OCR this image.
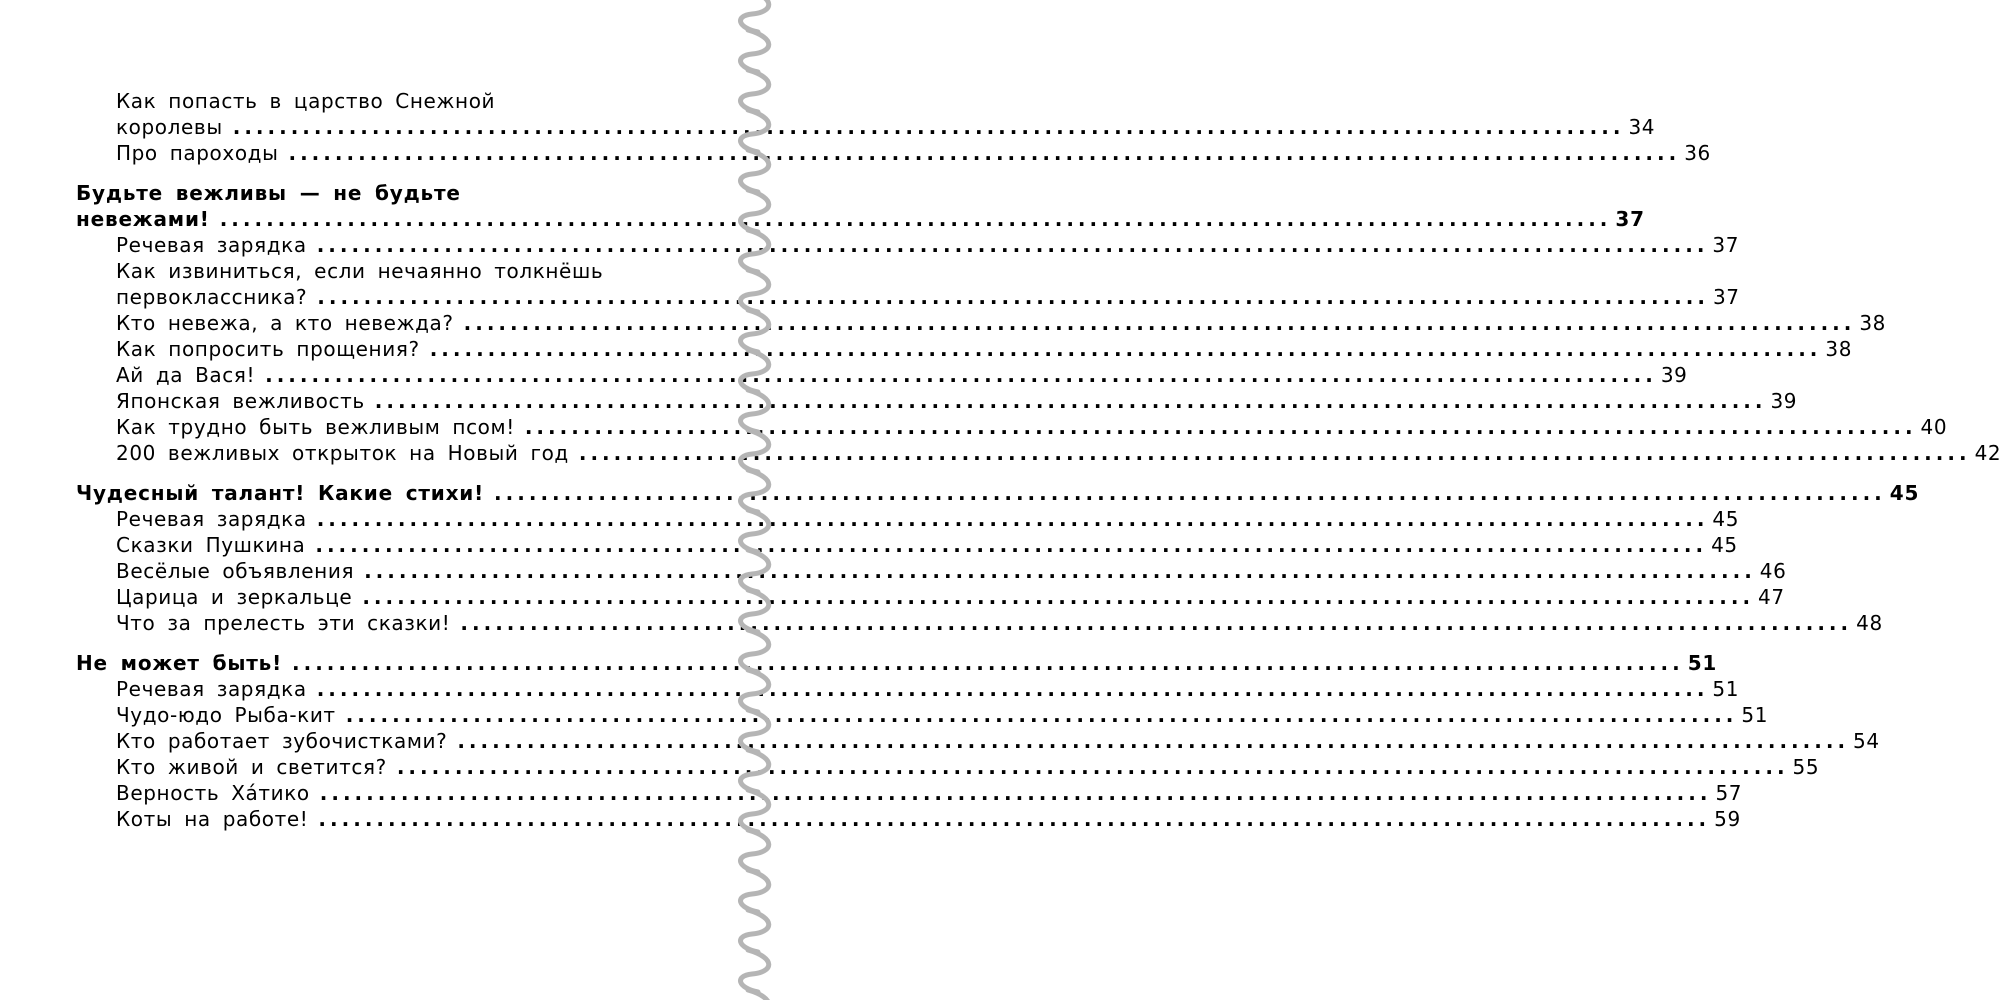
Как попасть в царство Снежной
королевы ........................................................................................................................ 34
Про пароходы ........................................................................................................................ 36
Будьте вежливы — не будьте
невежами! ........................................................................................................................ 37
Речевая зарядка ........................................................................................................................ 37
Как извиниться, если нечаянно толкнёшь
первоклассника? ........................................................................................................................ 37
Кто невежа, а кто невежда? ........................................................................................................................ 38
Как попросить прощения? ........................................................................................................................ 38
Ай да Вася! ........................................................................................................................ 39
Японская вежливость ........................................................................................................................ 39
Как трудно быть вежливым псом! ........................................................................................................................ 40
200 вежливых открыток на Новый год ........................................................................................................................ 42
Чудесный талант! Какие стихи! ........................................................................................................................ 45
Речевая зарядка ........................................................................................................................ 45
Сказки Пушкина ........................................................................................................................ 45
Весёлые объявления ........................................................................................................................ 46
Царица и зеркальце ........................................................................................................................ 47
Что за прелесть эти сказки! ........................................................................................................................ 48
Не может быть! ........................................................................................................................ 51
Речевая зарядка ........................................................................................................................ 51
Чудо-юдо Рыба-кит ........................................................................................................................ 51
Кто работает зубочистками? ........................................................................................................................ 54
Кто живой и светится? ........................................................................................................................ 55
Верность Хáтико ........................................................................................................................ 57
Коты на работе! ........................................................................................................................ 59
